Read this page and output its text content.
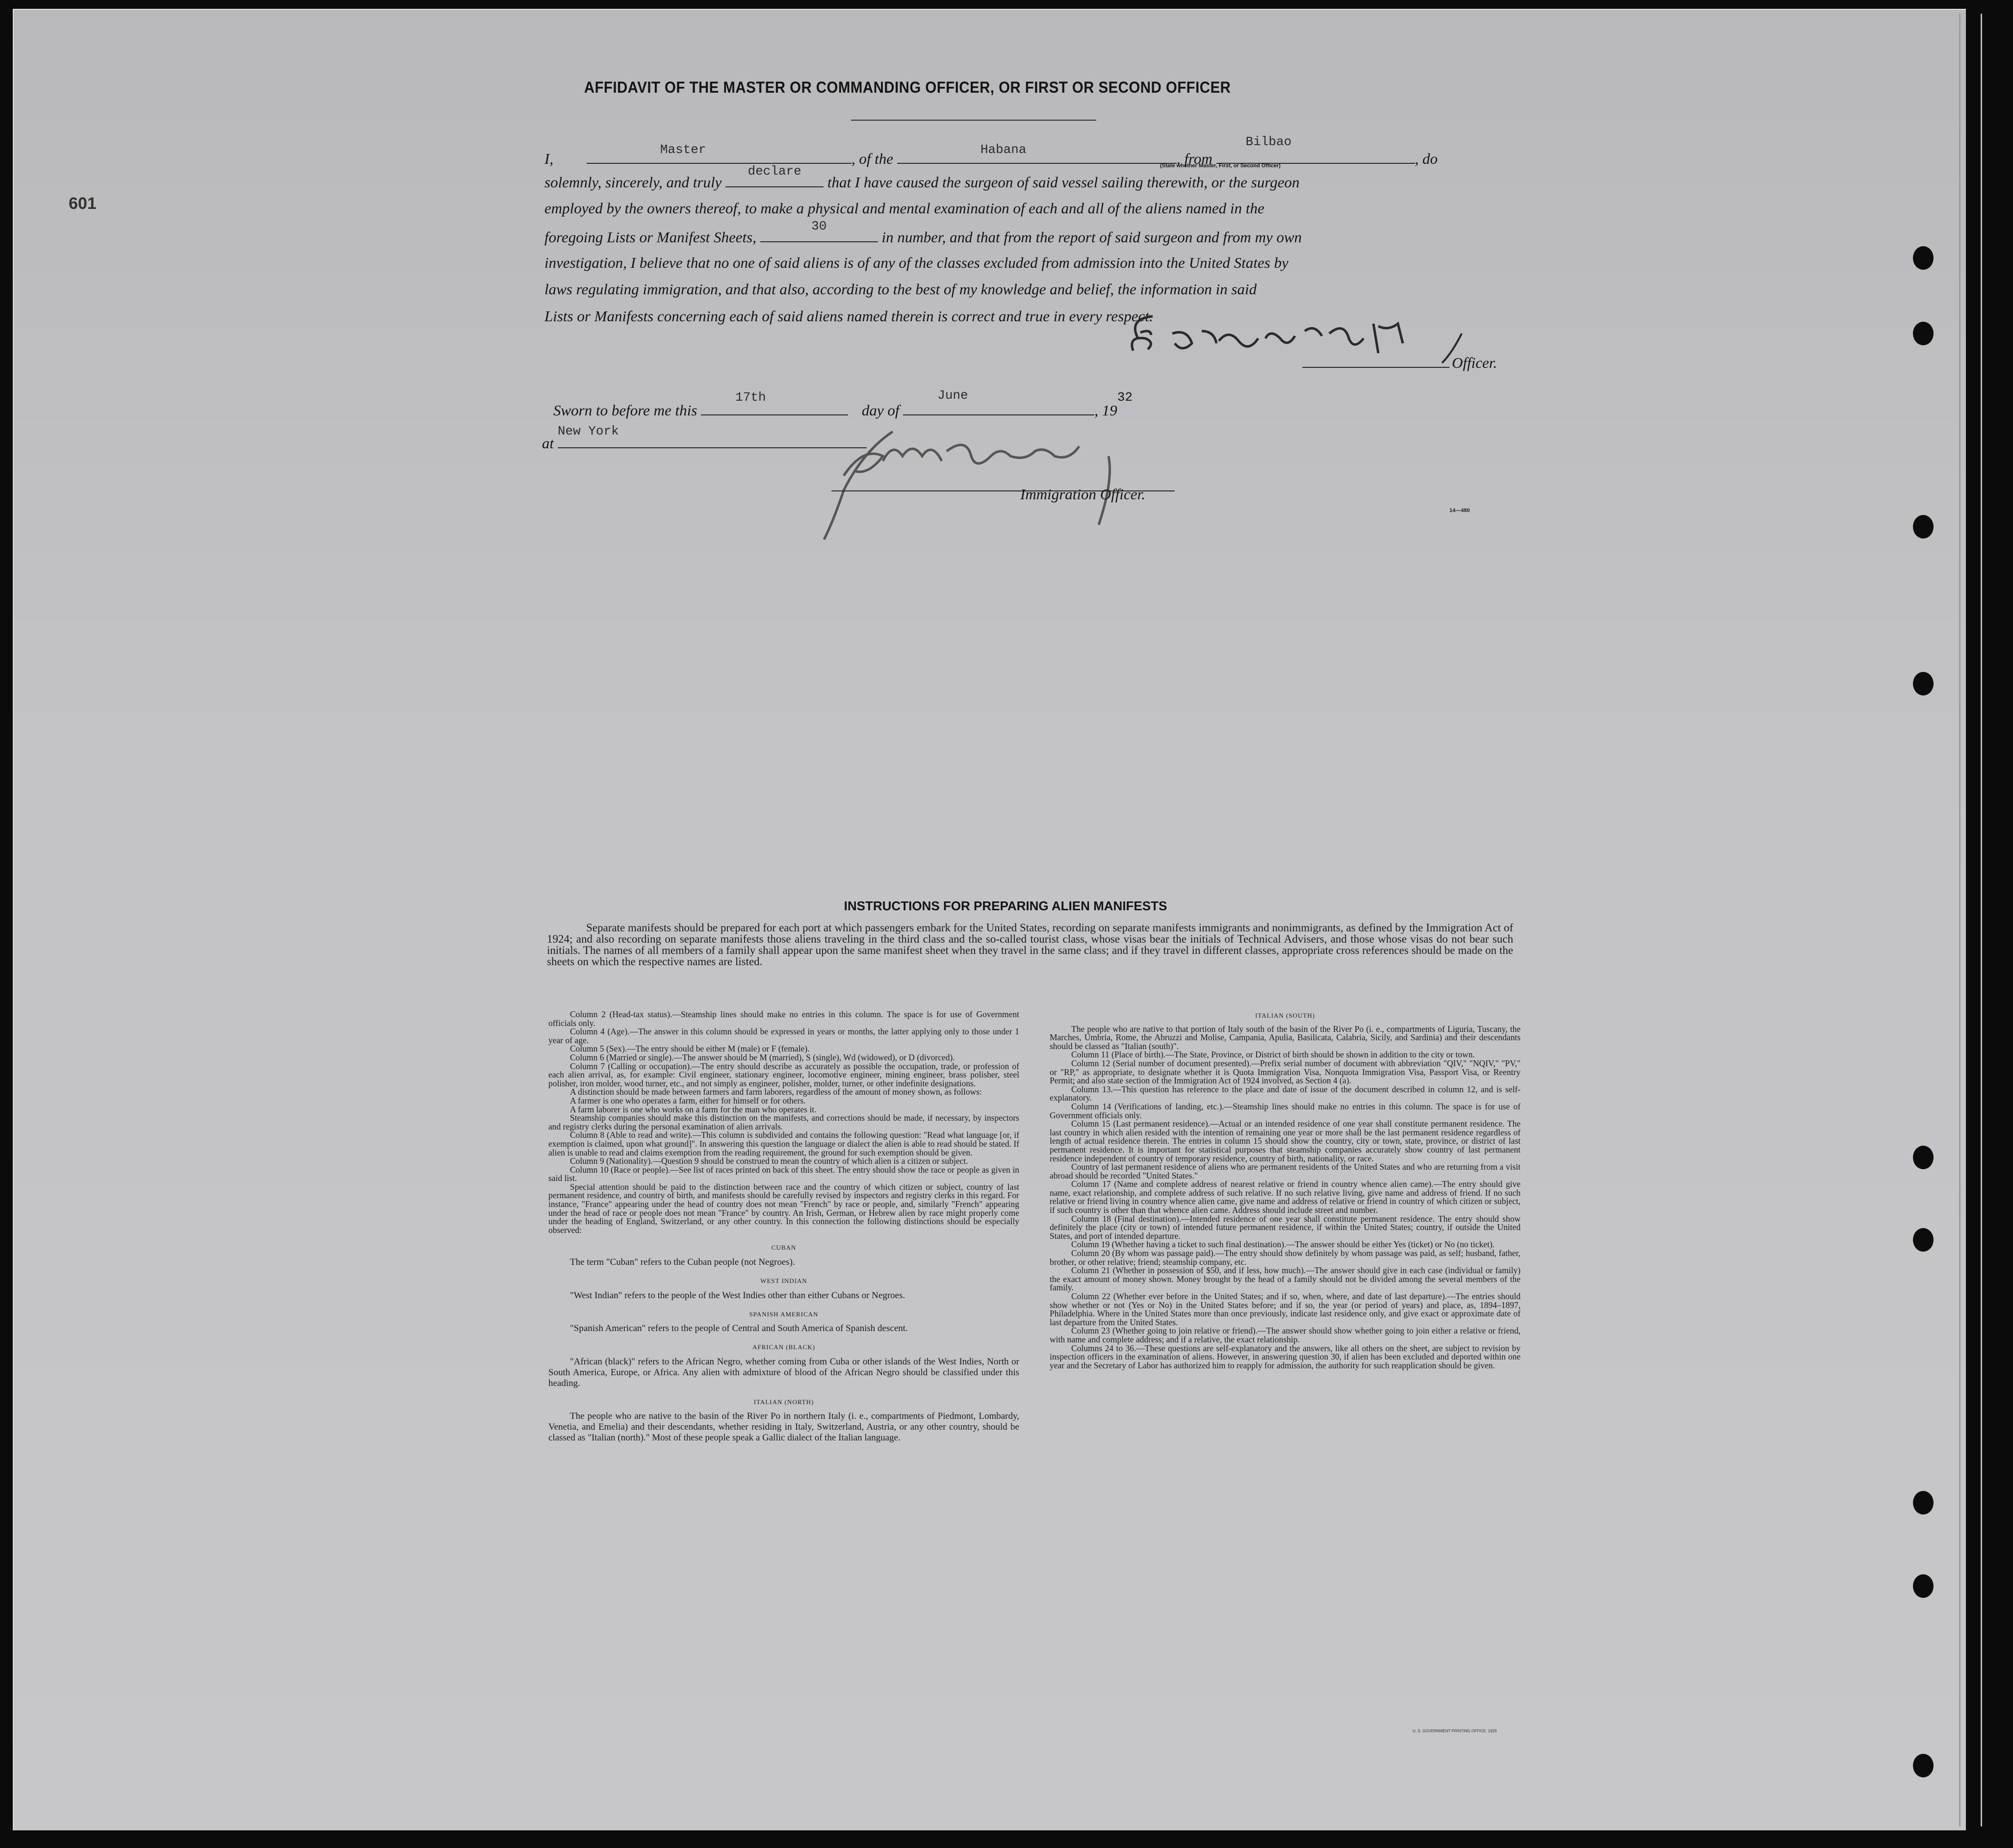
601
AFFIDAVIT OF THE MASTER OR COMMANDING OFFICER, OR FIRST OR SECOND OFFICER
I,
Master
, of the
Habana
, from
Bilbao
, do
(State whether Master, First, or Second Officer)
solemnly, sincerely, and truly
declare
that I have caused the surgeon of said vessel sailing therewith, or the surgeon
employed by the owners thereof, to make a physical and mental examination of each and all of the aliens named in the
foregoing Lists or Manifest Sheets,
30
in number, and that from the report of said surgeon and from my own
investigation, I believe that no one of said aliens is of any of the classes excluded from admission into the United States by
laws regulating immigration, and that also, according to the best of my knowledge and belief, the information in said
Lists or Manifests concerning each of said aliens named therein is correct and true in every respect.
Officer.
Sworn to before me this
17th
day of
June
, $19^{32}$
at
New York
Immigration Officer.
14—480
INSTRUCTIONS FOR PREPARING ALIEN MANIFESTS
Separate manifests should be prepared for each port at which passengers embark for the United States, recording on separate manifests immigrants and nonimmigrants, as defined by the Immigration Act of 1924; and also recording on separate manifests those aliens traveling in the third class and the so-called tourist class, whose visas bear the initials of Technical Advisers, and those whose visas do not bear such initials. The names of all members of a family shall appear upon the same manifest sheet when they travel in the same class; and if they travel in different classes, appropriate cross references should be made on the sheets on which the respective names are listed.

Column 2 (Head-tax status).—Steamship lines should make no entries in this column. The space is for use of Government officials only.

Column 4 (Age).—The answer in this column should be expressed in years or months, the latter applying only to those under 1 year of age.

Column 5 (Sex).—The entry should be either M (male) or F (female).

Column 6 (Married or single).—The answer should be M (married), S (single), Wd (widowed), or D (divorced).

Column 7 (Calling or occupation).—The entry should describe as accurately as possible the occupation, trade, or profession of each alien arrival, as, for example: Civil engineer, stationary engineer, locomotive engineer, mining engineer, brass polisher, steel polisher, iron molder, wood turner, etc., and not simply as engineer, polisher, molder, turner, or other indefinite designations.

A distinction should be made between farmers and farm laborers, regardless of the amount of money shown, as follows:

A farmer is one who operates a farm, either for himself or for others.

A farm laborer is one who works on a farm for the man who operates it.

Steamship companies should make this distinction on the manifests, and corrections should be made, if necessary, by inspectors and registry clerks during the personal examination of alien arrivals.

Column 8 (Able to read and write).—This column is subdivided and contains the following question: "Read what language [or, if exemption is claimed, upon what ground]". In answering this question the language or dialect the alien is able to read should be stated. If alien is unable to read and claims exemption from the reading requirement, the ground for such exemption should be given.

Column 9 (Nationality).—Question 9 should be construed to mean the country of which alien is a citizen or subject.

Column 10 (Race or people).—See list of races printed on back of this sheet. The entry should show the race or people as given in said list.

Special attention should be paid to the distinction between race and the country of which citizen or subject, country of last permanent residence, and country of birth, and manifests should be carefully revised by inspectors and registry clerks in this regard. For instance, "France" appearing under the head of country does not mean "French" by race or people, and, similarly "French" appearing under the head of race or people does not mean "France" by country. An Irish, German, or Hebrew alien by race might properly come under the heading of England, Switzerland, or any other country. In this connection the following distinctions should be especially observed:

CUBAN

The term "Cuban" refers to the Cuban people (not Negroes).

WEST INDIAN

"West Indian" refers to the people of the West Indies other than either Cubans or Negroes.

SPANISH AMERICAN

"Spanish American" refers to the people of Central and South America of Spanish descent.

AFRICAN (BLACK)

"African (black)" refers to the African Negro, whether coming from Cuba or other islands of the West Indies, North or South America, Europe, or Africa. Any alien with admixture of blood of the African Negro should be classified under this heading.

ITALIAN (NORTH)

The people who are native to the basin of the River Po in northern Italy (i. e., compartments of Piedmont, Lombardy, Venetia, and Emelia) and their descendants, whether residing in Italy, Switzerland, Austria, or any other country, should be classed as "Italian (north)." Most of these people speak a Gallic dialect of the Italian language.

ITALIAN (SOUTH)

The people who are native to that portion of Italy south of the basin of the River Po (i. e., compartments of Liguria, Tuscany, the Marches, Umbria, Rome, the Abruzzi and Molise, Campania, Apulia, Basilicata, Calabria, Sicily, and Sardinia) and their descendants should be classed as "Italian (south)".

Column 11 (Place of birth).—The State, Province, or District of birth should be shown in addition to the city or town.

Column 12 (Serial number of document presented).—Prefix serial number of document with abbreviation "QIV," "NQIV," "PV," or "RP," as appropriate, to designate whether it is Quota Immigration Visa, Nonquota Immigration Visa, Passport Visa, or Reentry Permit; and also state section of the Immigration Act of 1924 involved, as Section 4 (a).

Column 13.—This question has reference to the place and date of issue of the document described in column 12, and is self-explanatory.

Column 14 (Verifications of landing, etc.).—Steamship lines should make no entries in this column. The space is for use of Government officials only.

Column 15 (Last permanent residence).—Actual or an intended residence of one year shall constitute permanent residence. The last country in which alien resided with the intention of remaining one year or more shall be the last permanent residence regardless of length of actual residence therein. The entries in column 15 should show the country, city or town, state, province, or district of last permanent residence. It is important for statistical purposes that steamship companies accurately show country of last permanent residence independent of country of temporary residence, country of birth, nationality, or race.

Country of last permanent residence of aliens who are permanent residents of the United States and who are returning from a visit abroad should be recorded "United States."

Column 17 (Name and complete address of nearest relative or friend in country whence alien came).—The entry should give name, exact relationship, and complete address of such relative. If no such relative living, give name and address of friend. If no such relative or friend living in country whence alien came, give name and address of relative or friend in country of which citizen or subject, if such country is other than that whence alien came. Address should include street and number.

Column 18 (Final destination).—Intended residence of one year shall constitute permanent residence. The entry should show definitely the place (city or town) of intended future permanent residence, if within the United States; country, if outside the United States, and port of intended departure.

Column 19 (Whether having a ticket to such final destination).—The answer should be either Yes (ticket) or No (no ticket).

Column 20 (By whom was passage paid).—The entry should show definitely by whom passage was paid, as self; husband, father, brother, or other relative; friend; steamship company, etc.

Column 21 (Whether in possession of $50, and if less, how much).—The answer should give in each case (individual or family) the exact amount of money shown. Money brought by the head of a family should not be divided among the several members of the family.

Column 22 (Whether ever before in the United States; and if so, when, where, and date of last departure).—The entries should show whether or not (Yes or No) in the United States before; and if so, the year (or period of years) and place, as, 1894–1897, Philadelphia. Where in the United States more than once previously, indicate last residence only, and give exact or approximate date of last departure from the United States.

Column 23 (Whether going to join relative or friend).—The answer should show whether going to join either a relative or friend, with name and complete address; and if a relative, the exact relationship.

Columns 24 to 36.—These questions are self-explanatory and the answers, like all others on the sheet, are subject to revision by inspection officers in the examination of aliens. However, in answering question 30, if alien has been excluded and deported within one year and the Secretary of Labor has authorized him to reapply for admission, the authority for such reapplication should be given.

U. S. GOVERNMENT PRINTING OFFICE: 1929
